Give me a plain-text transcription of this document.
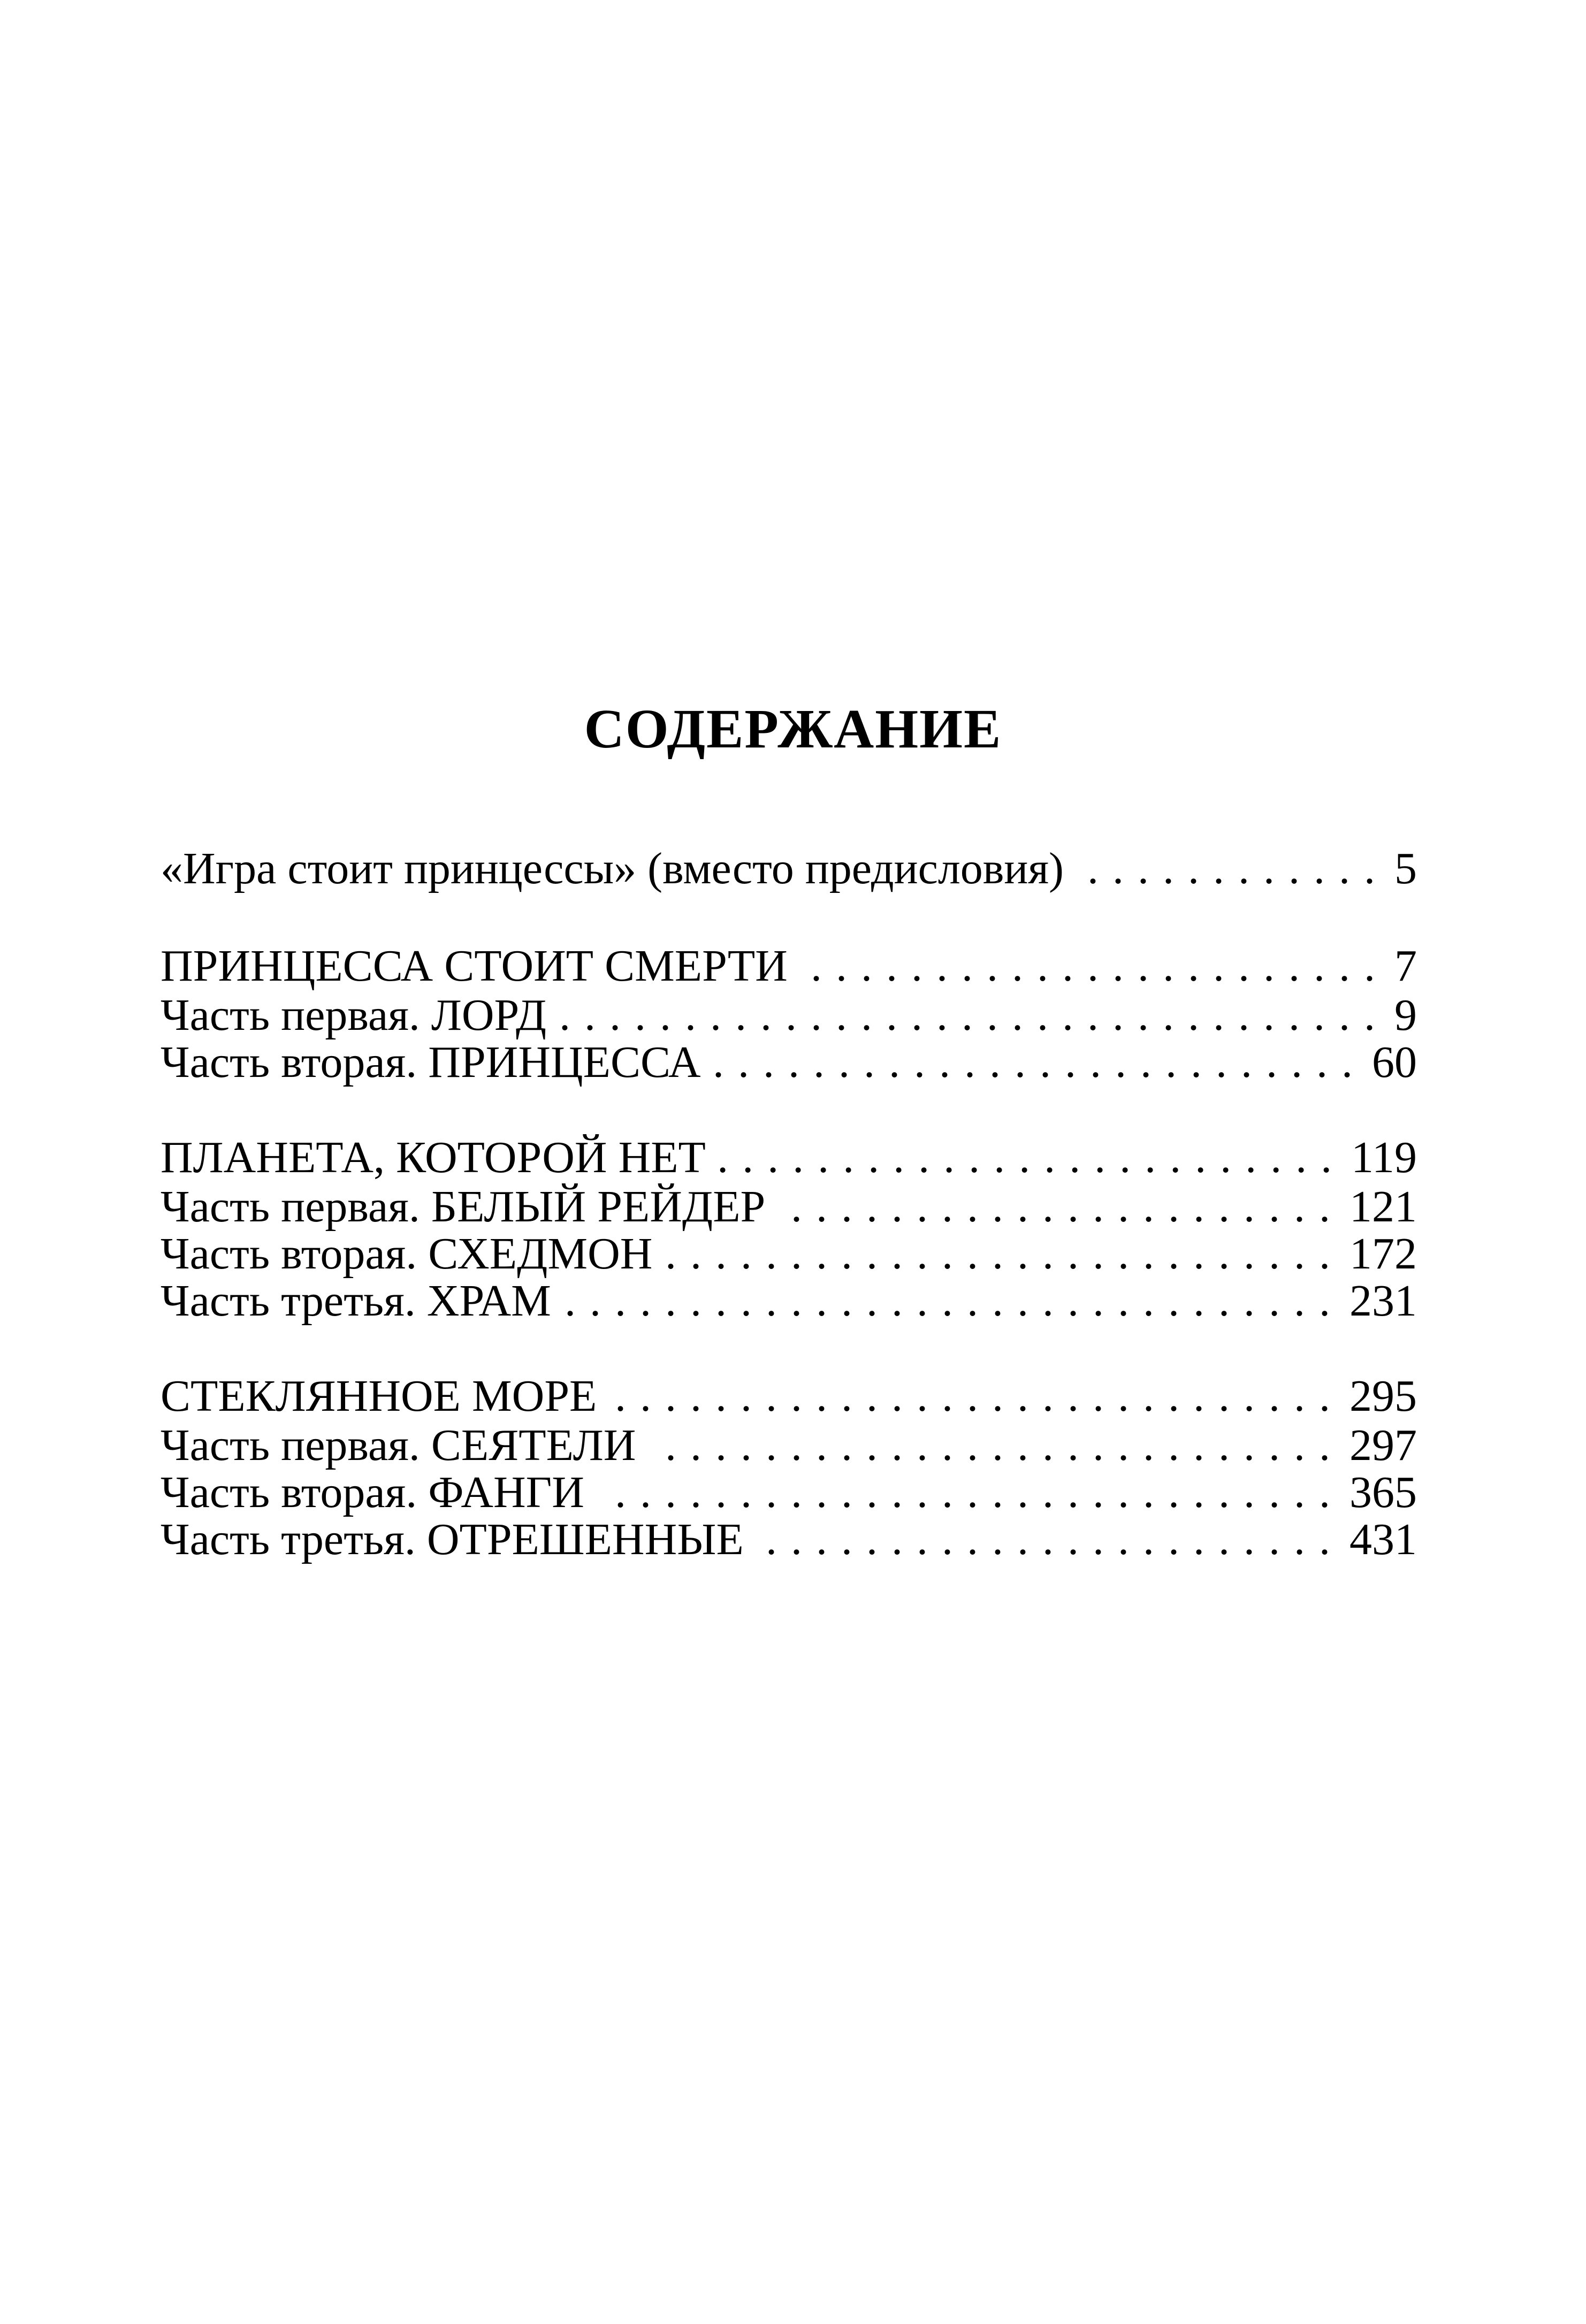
СОДЕРЖАНИЕ
«Игра стоит принцессы» (вместо предисловия) .....	5
ПРИНЦЕССА СТОИТ СМЕРТИ .....	7
Часть первая. ЛОРД .....	9
Часть вторая. ПРИНЦЕССА .....	60
ПЛАНЕТА, КОТОРОЙ НЕТ .....	119
Часть первая. БЕЛЫЙ РЕЙДЕР .....	121
Часть вторая. СХЕДМОН .....	172
Часть третья. ХРАМ .....	231
СТЕКЛЯННОЕ МОРЕ .....	295
Часть первая. СЕЯТЕЛИ .....	297
Часть вторая. ФАНГИ .....	365
Часть третья. ОТРЕШЕННЫЕ .....	431
